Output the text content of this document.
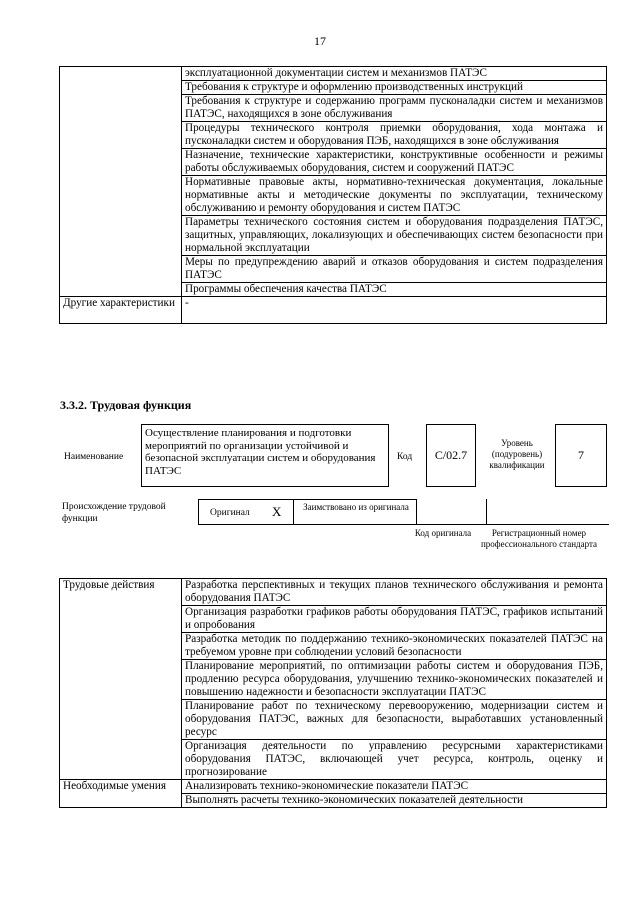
17
	эксплуатационной документации систем и механизмов ПАТЭС
	Требования к структуре и оформлению производственных инструкций
	Требования к структуре и содержанию программ пусконаладки систем и механизмов ПАТЭС, находящихся в зоне обслуживания
	Процедуры технического контроля приемки оборудования, хода монтажа и пусконаладки систем и оборудования ПЭБ, находящихся в зоне обслуживания
	Назначение, технические характеристики, конструктивные особенности и режимы работы обслуживаемых оборудования, систем и сооружений ПАТЭС
	Нормативные правовые акты, нормативно-техническая документация, локальные нормативные акты и методические документы по эксплуатации, техническому обслуживанию и ремонту оборудования и систем ПАТЭС
	Параметры технического состояния систем и оборудования подразделения ПАТЭС, защитных, управляющих, локализующих и обеспечивающих систем безопасности при нормальной эксплуатации
	Меры по предупреждению аварий и отказов оборудования и систем подразделения ПАТЭС
	Программы обеспечения качества ПАТЭС
Другие характеристики	-
3.3.2. Трудовая функция
Наименование
Осуществление планирования и подготовки мероприятий по организации устойчивой и безопасной эксплуатации систем и оборудования ПАТЭС
Код	C/02.7
Уровень (подуровень) квалификации
7
Происхождение трудовой функции
Оригинал X	Заимствовано из оригинала
Код оригинала	Регистрационный номер профессионального стандарта
Трудовые действия	Разработка перспективных и текущих планов технического обслуживания и ремонта оборудования ПАТЭС
	Организация разработки графиков работы оборудования ПАТЭС, графиков испытаний и опробования
	Разработка методик по поддержанию технико-экономических показателей ПАТЭС на требуемом уровне при соблюдении условий безопасности
	Планирование мероприятий, по оптимизации работы систем и оборудования ПЭБ, продлению ресурса оборудования, улучшению технико-экономических показателей и повышению надежности и безопасности эксплуатации ПАТЭС
	Планирование работ по техническому перевооружению, модернизации систем и оборудования ПАТЭС, важных для безопасности, выработавших установленный ресурс
	Организация деятельности по управлению ресурсными характеристиками оборудования ПАТЭС, включающей учет ресурса, контроль, оценку и прогнозирование
Необходимые умения	Анализировать технико-экономические показатели ПАТЭС
	Выполнять расчеты технико-экономических показателей деятельности
